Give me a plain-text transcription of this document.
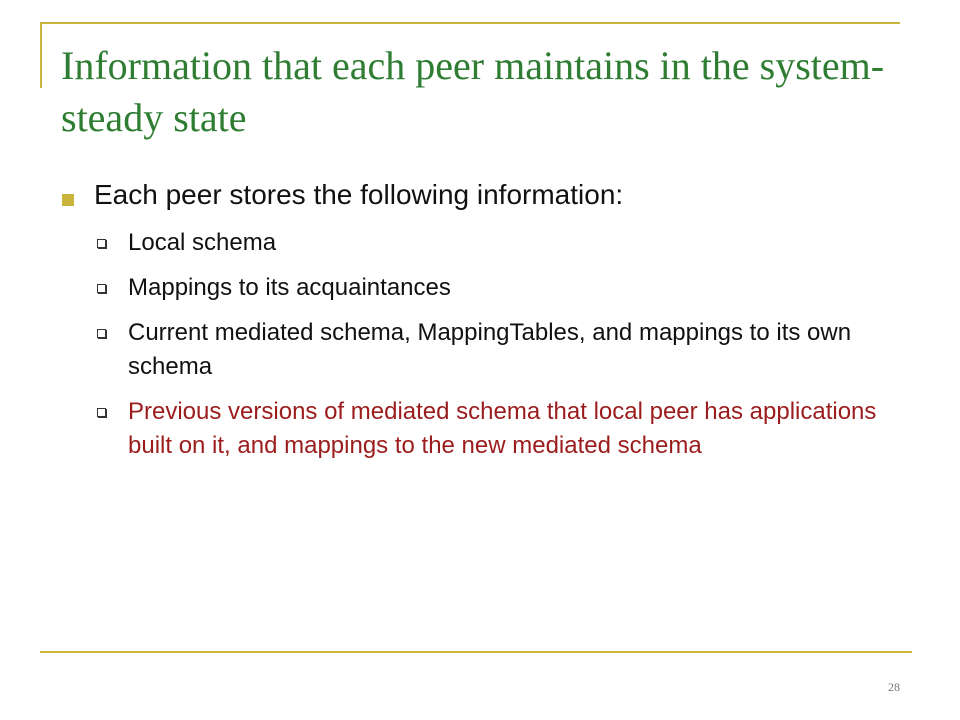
Information that each peer maintains in the system-steady state
Each peer stores the following information:
Local schema
Mappings to its acquaintances
Current mediated schema, MappingTables, and mappings to its own schema
Previous versions of mediated schema that local peer has applications built on it, and mappings to the new mediated schema
28
